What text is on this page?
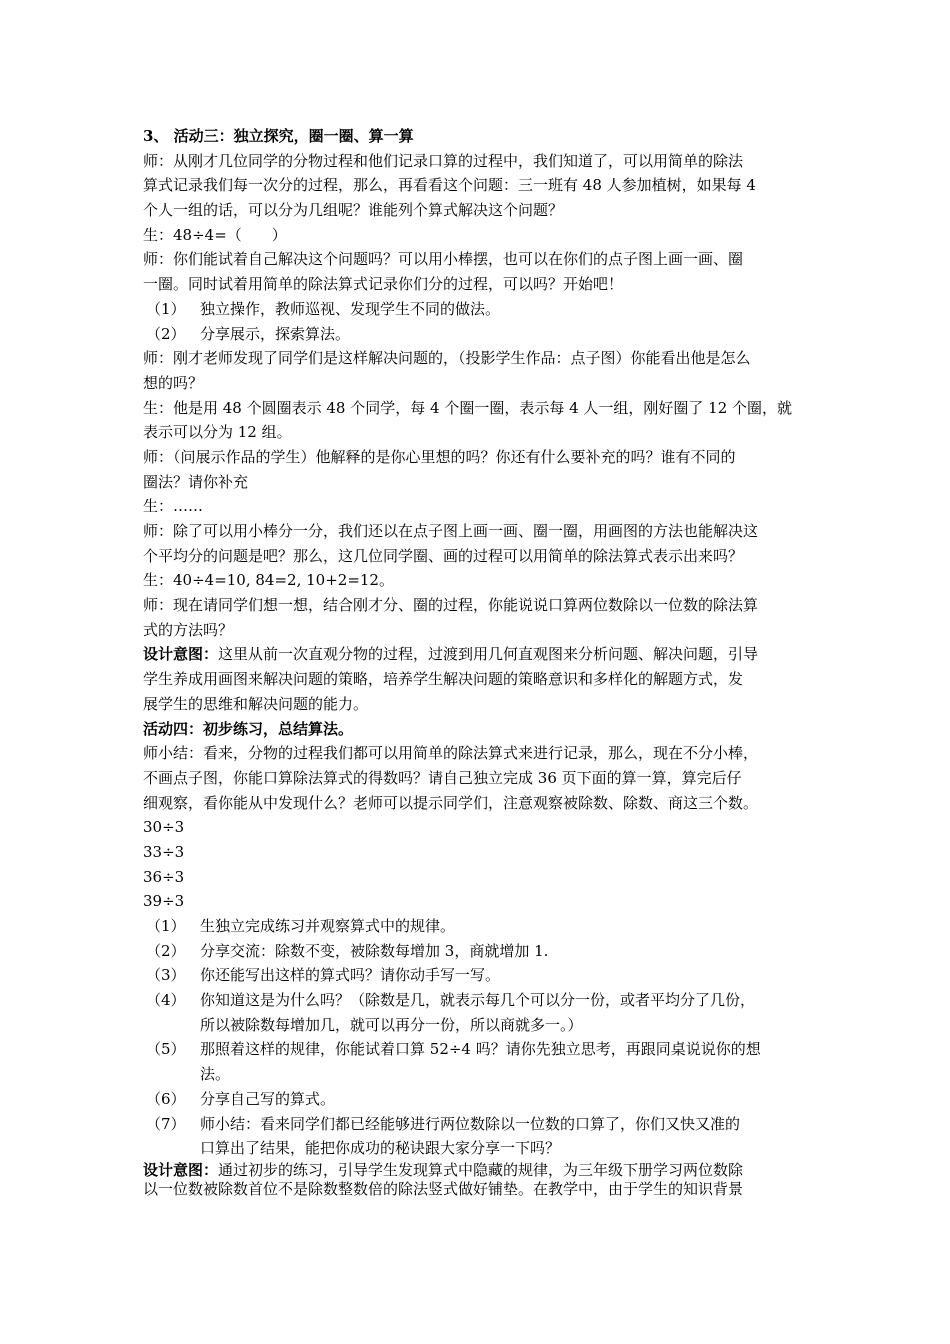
3、 活动三：独立探究，圈一圈、算一算
师：从刚才几位同学的分物过程和他们记录口算的过程中，我们知道了，可以用简单的除法
算式记录我们每一次分的过程，那么，再看看这个问题：三一班有 48 人参加植树，如果每 4
个人一组的话，可以分为几组呢？谁能列个算式解决这个问题？
生：48÷4=（　　）
师：你们能试着自己解决这个问题吗？可以用小棒摆，也可以在你们的点子图上画一画、圈
一圈。同时试着用简单的除法算式记录你们分的过程，可以吗？开始吧！
（1） 独立操作，教师巡视、发现学生不同的做法。
（2） 分享展示，探索算法。
师：刚才老师发现了同学们是这样解决问题的，（投影学生作品：点子图）你能看出他是怎么
想的吗？
生：他是用 48 个圆圈表示 48 个同学，每 4 个圈一圈，表示每 4 人一组，刚好圈了 12 个圈，就
表示可以分为 12 组。
师：（问展示作品的学生）他解释的是你心里想的吗？你还有什么要补充的吗？谁有不同的
圈法？请你补充
生：……
师：除了可以用小棒分一分，我们还以在点子图上画一画、圈一圈，用画图的方法也能解决这
个平均分的问题是吧？那么，这几位同学圈、画的过程可以用简单的除法算式表示出来吗？
生：40÷4=10, 84=2, 10+2=12。
师：现在请同学们想一想，结合刚才分、圈的过程，你能说说口算两位数除以一位数的除法算
式的方法吗？
设计意图：这里从前一次直观分物的过程，过渡到用几何直观图来分析问题、解决问题，引导
学生养成用画图来解决问题的策略，培养学生解决问题的策略意识和多样化的解题方式，发
展学生的思维和解决问题的能力。
活动四：初步练习，总结算法。
师小结：看来，分物的过程我们都可以用简单的除法算式来进行记录，那么，现在不分小棒，
不画点子图，你能口算除法算式的得数吗？请自己独立完成 36 页下面的算一算，算完后仔
细观察，看你能从中发现什么？老师可以提示同学们，注意观察被除数、除数、商这三个数。
30÷3
33÷3
36÷3
39÷3
（1） 生独立完成练习并观察算式中的规律。
（2） 分享交流：除数不变，被除数每增加 3，商就增加 1.
（3） 你还能写出这样的算式吗？请你动手写一写。
（4） 你知道这是为什么吗？（除数是几，就表示每几个可以分一份，或者平均分了几份，
所以被除数每增加几，就可以再分一份，所以商就多一。）
（5） 那照着这样的规律，你能试着口算 52÷4 吗？请你先独立思考，再跟同桌说说你的想
法。
（6） 分享自己写的算式。
（7） 师小结：看来同学们都已经能够进行两位数除以一位数的口算了，你们又快又准的
口算出了结果，能把你成功的秘诀跟大家分享一下吗？
设计意图：通过初步的练习，引导学生发现算式中隐藏的规律，为三年级下册学习两位数除
以一位数被除数首位不是除数整数倍的除法竖式做好铺垫。在教学中，由于学生的知识背景
